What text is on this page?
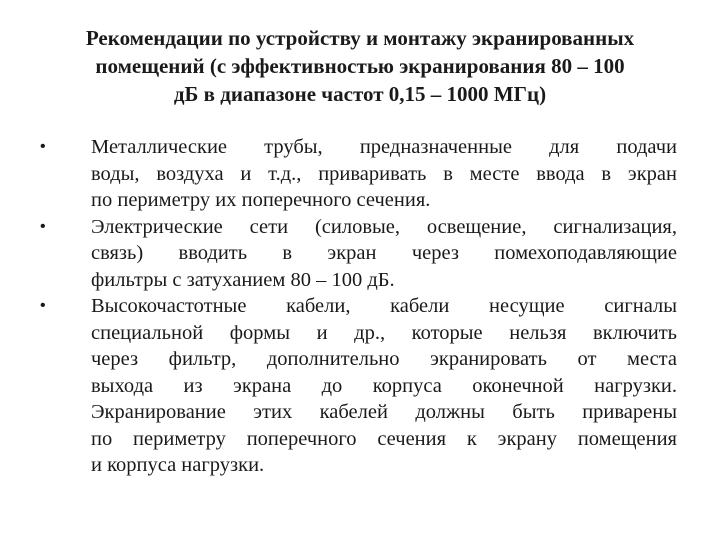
Рекомендации по устройству и монтажу экранированных
помещений (с эффективностью экранирования 80 – 100
дБ в диапазоне частот 0,15 – 1000 МГц)
• Металлические трубы, предназначенные для подачи
воды, воздуха и т.д., приваривать в месте ввода в экран
по периметру их поперечного сечения.
• Электрические сети (силовые, освещение, сигнализация,
связь) вводить в экран через помехоподавляющие
фильтры с затуханием 80 – 100 дБ.
• Высокочастотные кабели, кабели несущие сигналы
специальной формы и др., которые нельзя включить
через фильтр, дополнительно экранировать от места
выхода из экрана до корпуса оконечной нагрузки.
Экранирование этих кабелей должны быть приварены
по периметру поперечного сечения к экрану помещения
и корпуса нагрузки.
